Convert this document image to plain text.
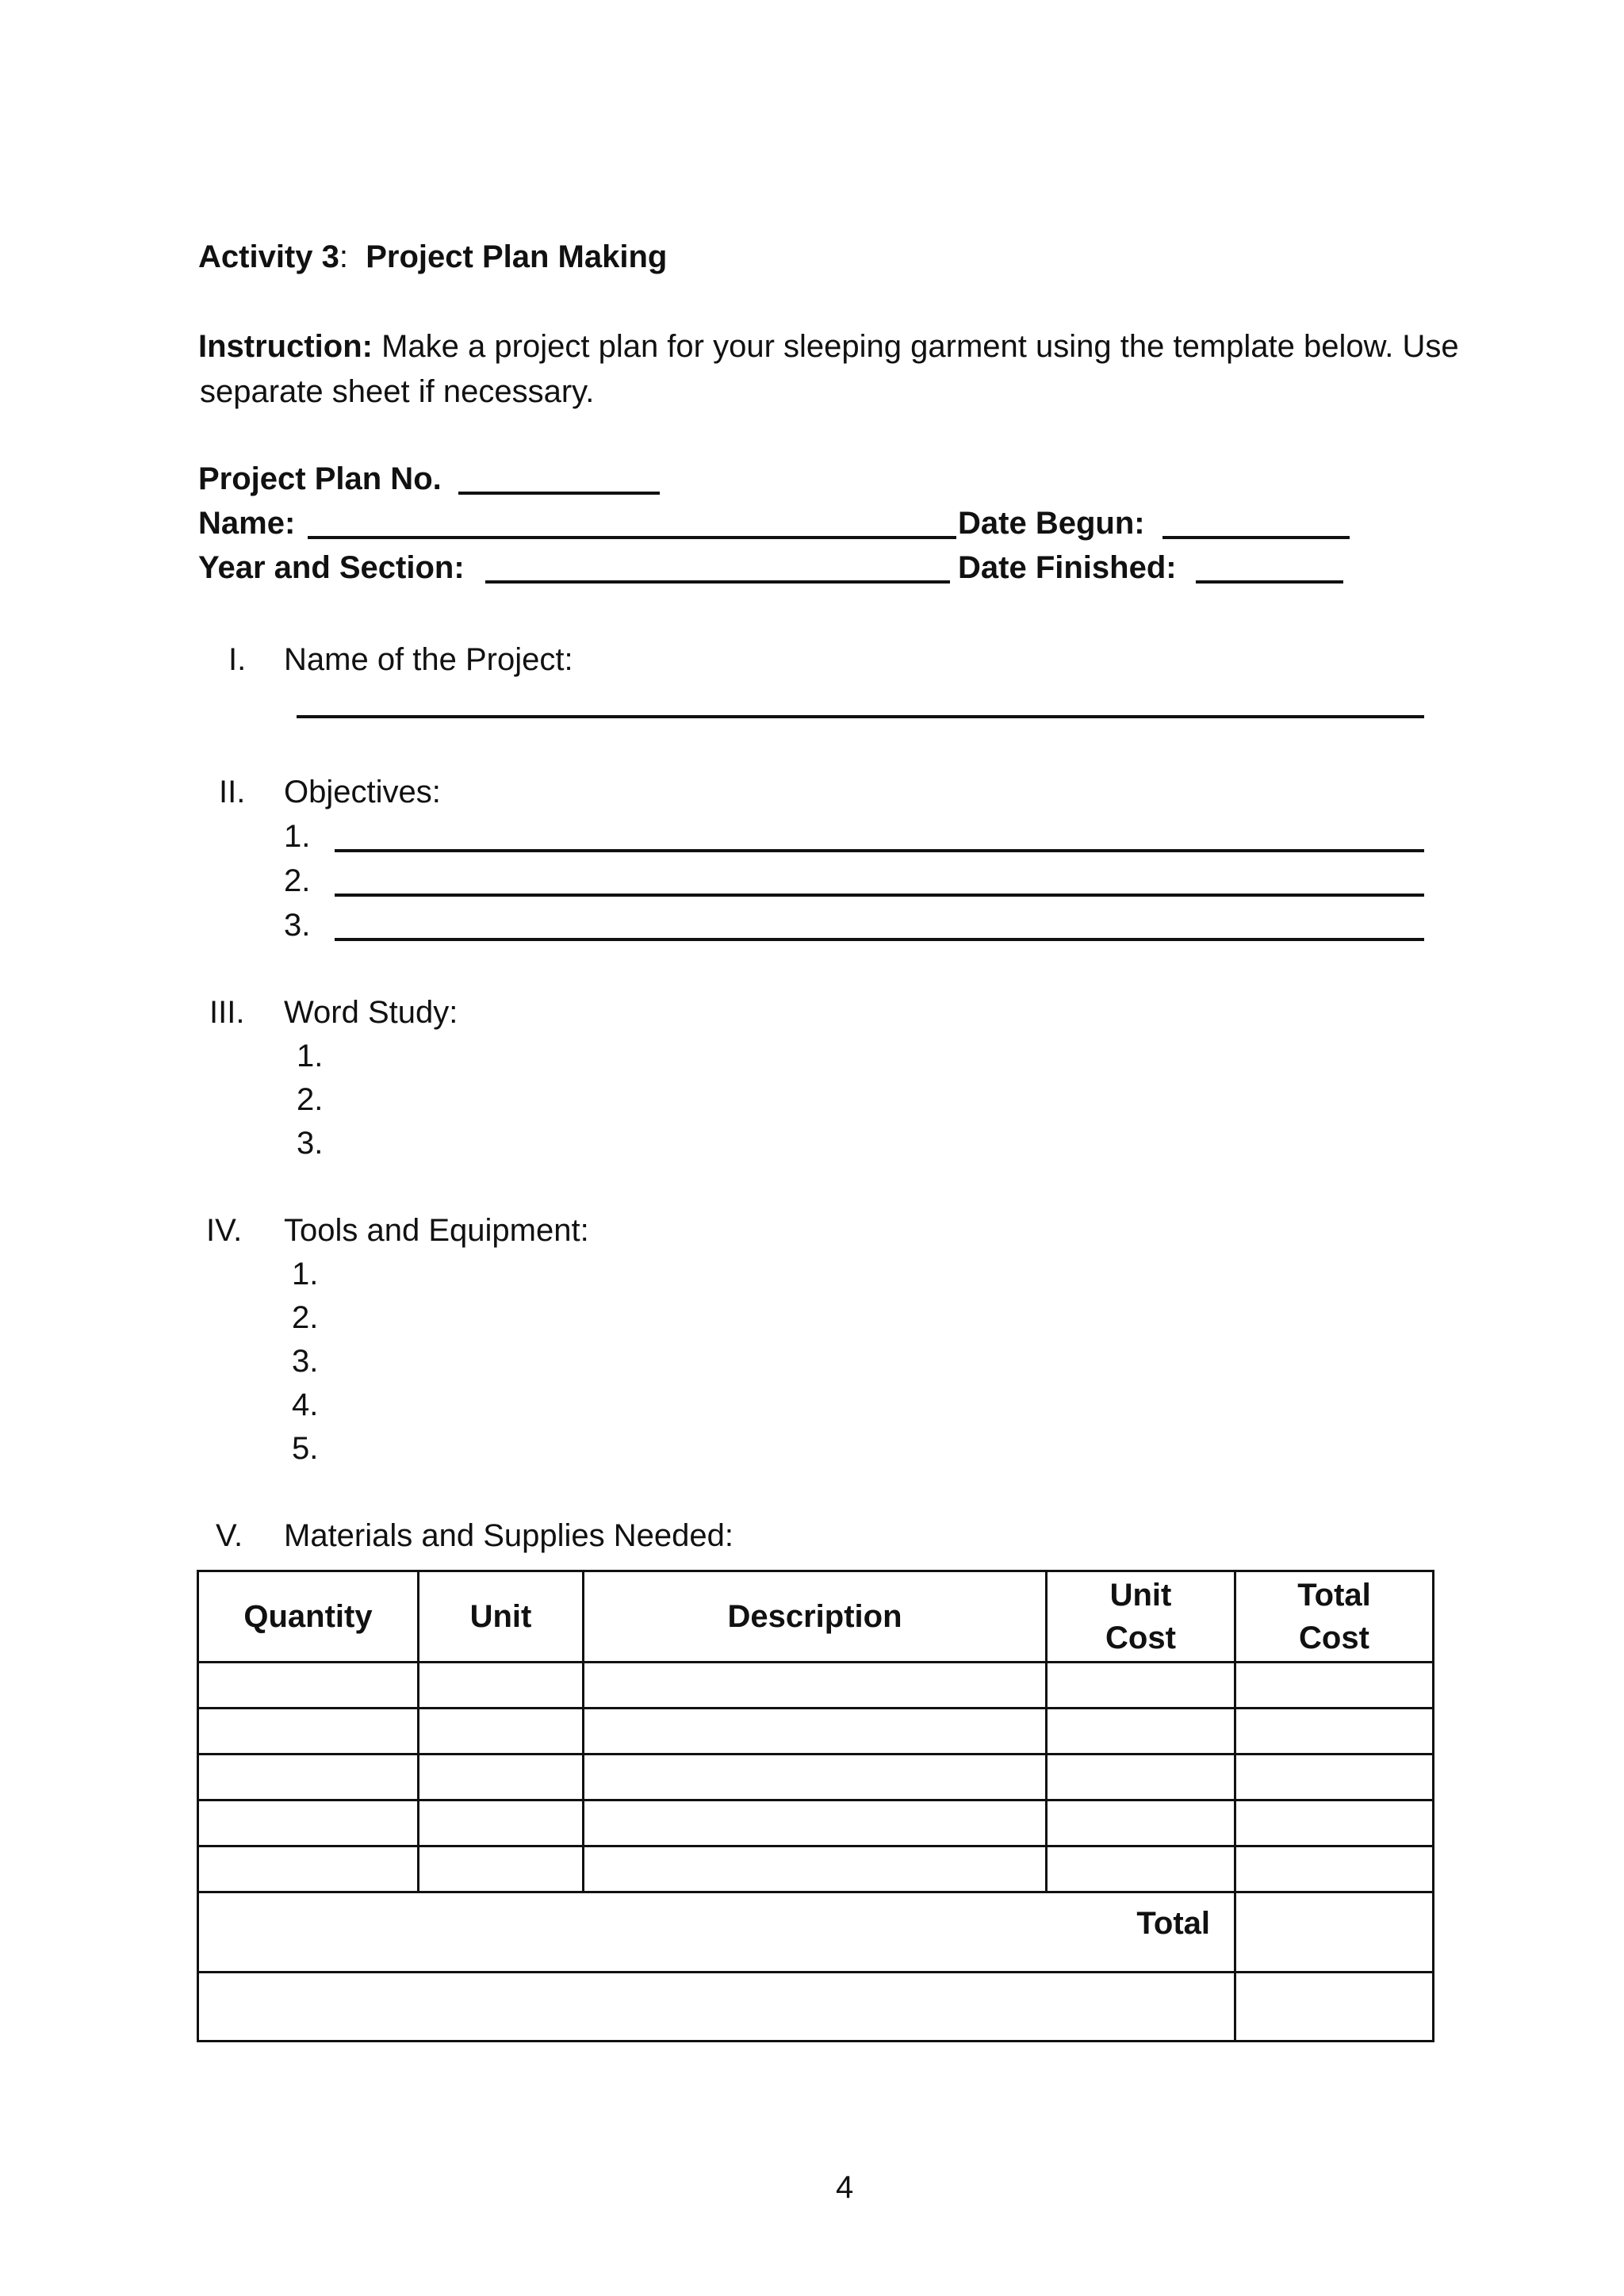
Activity 3: Project Plan Making
Instruction: Make a project plan for your sleeping garment using the template below. Use
separate sheet if necessary.
Project Plan No.
Name:	Date Begun:
Year and Section:	Date Finished:
I. Name of the Project:
II. Objectives:
1.
2.
3.
III. Word Study:
1.
2.
3.
IV. Tools and Equipment:
1.
2.
3.
4.
5.
V. Materials and Supplies Needed:
Quantity	Unit	Description	Unit Cost	Total Cost

Total				

4
